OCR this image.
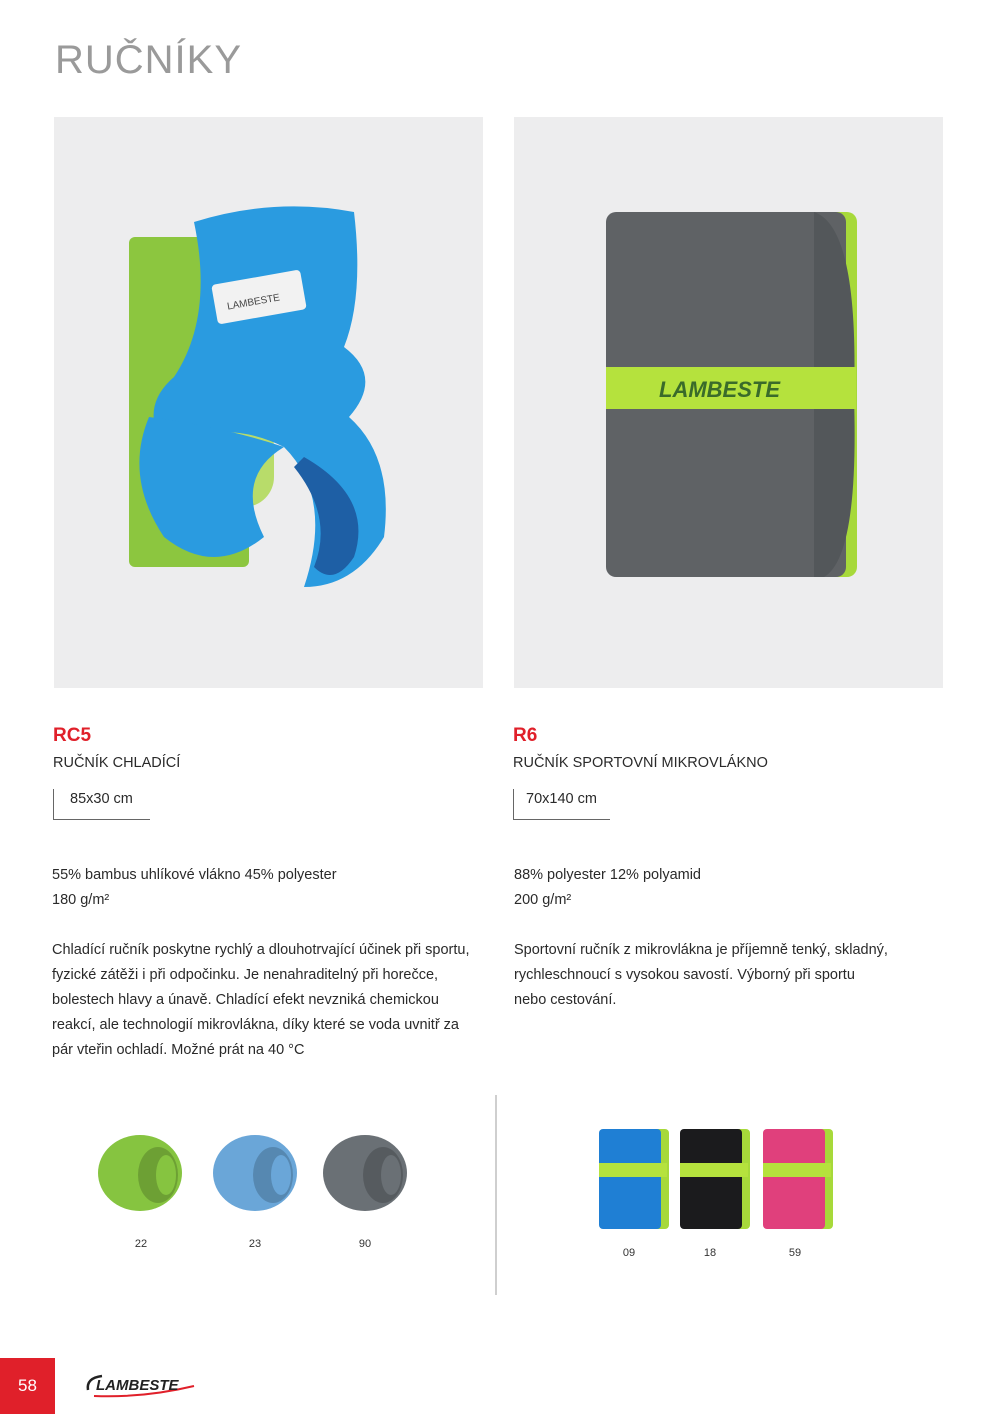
RUČNÍKY
LAMBESTE
LAMBESTE
RC5
RUČNÍK CHLADÍCÍ
85x30 cm
55% bambus uhlíkové vlákno 45% polyester
180 g/m²
Chladící ručník poskytne rychlý a dlouhotrvající účinek při sportu,
fyzické zátěži i při odpočinku. Je nenahraditelný při horečce,
bolestech hlavy a únavě. Chladící efekt nevzniká chemickou
reakcí, ale technologií mikrovlákna, díky které se voda uvnitř za
pár vteřin ochladí. Možné prát na 40 °C
R6
RUČNÍK SPORTOVNÍ MIKROVLÁKNO
70x140 cm
88% polyester 12% polyamid
200 g/m²
Sportovní ručník z mikrovlákna je příjemně tenký, skladný,
rychleschnoucí s vysokou savostí. Výborný při sportu
nebo cestování.
22	23	90
09	18	59
58	LAMBESTE
